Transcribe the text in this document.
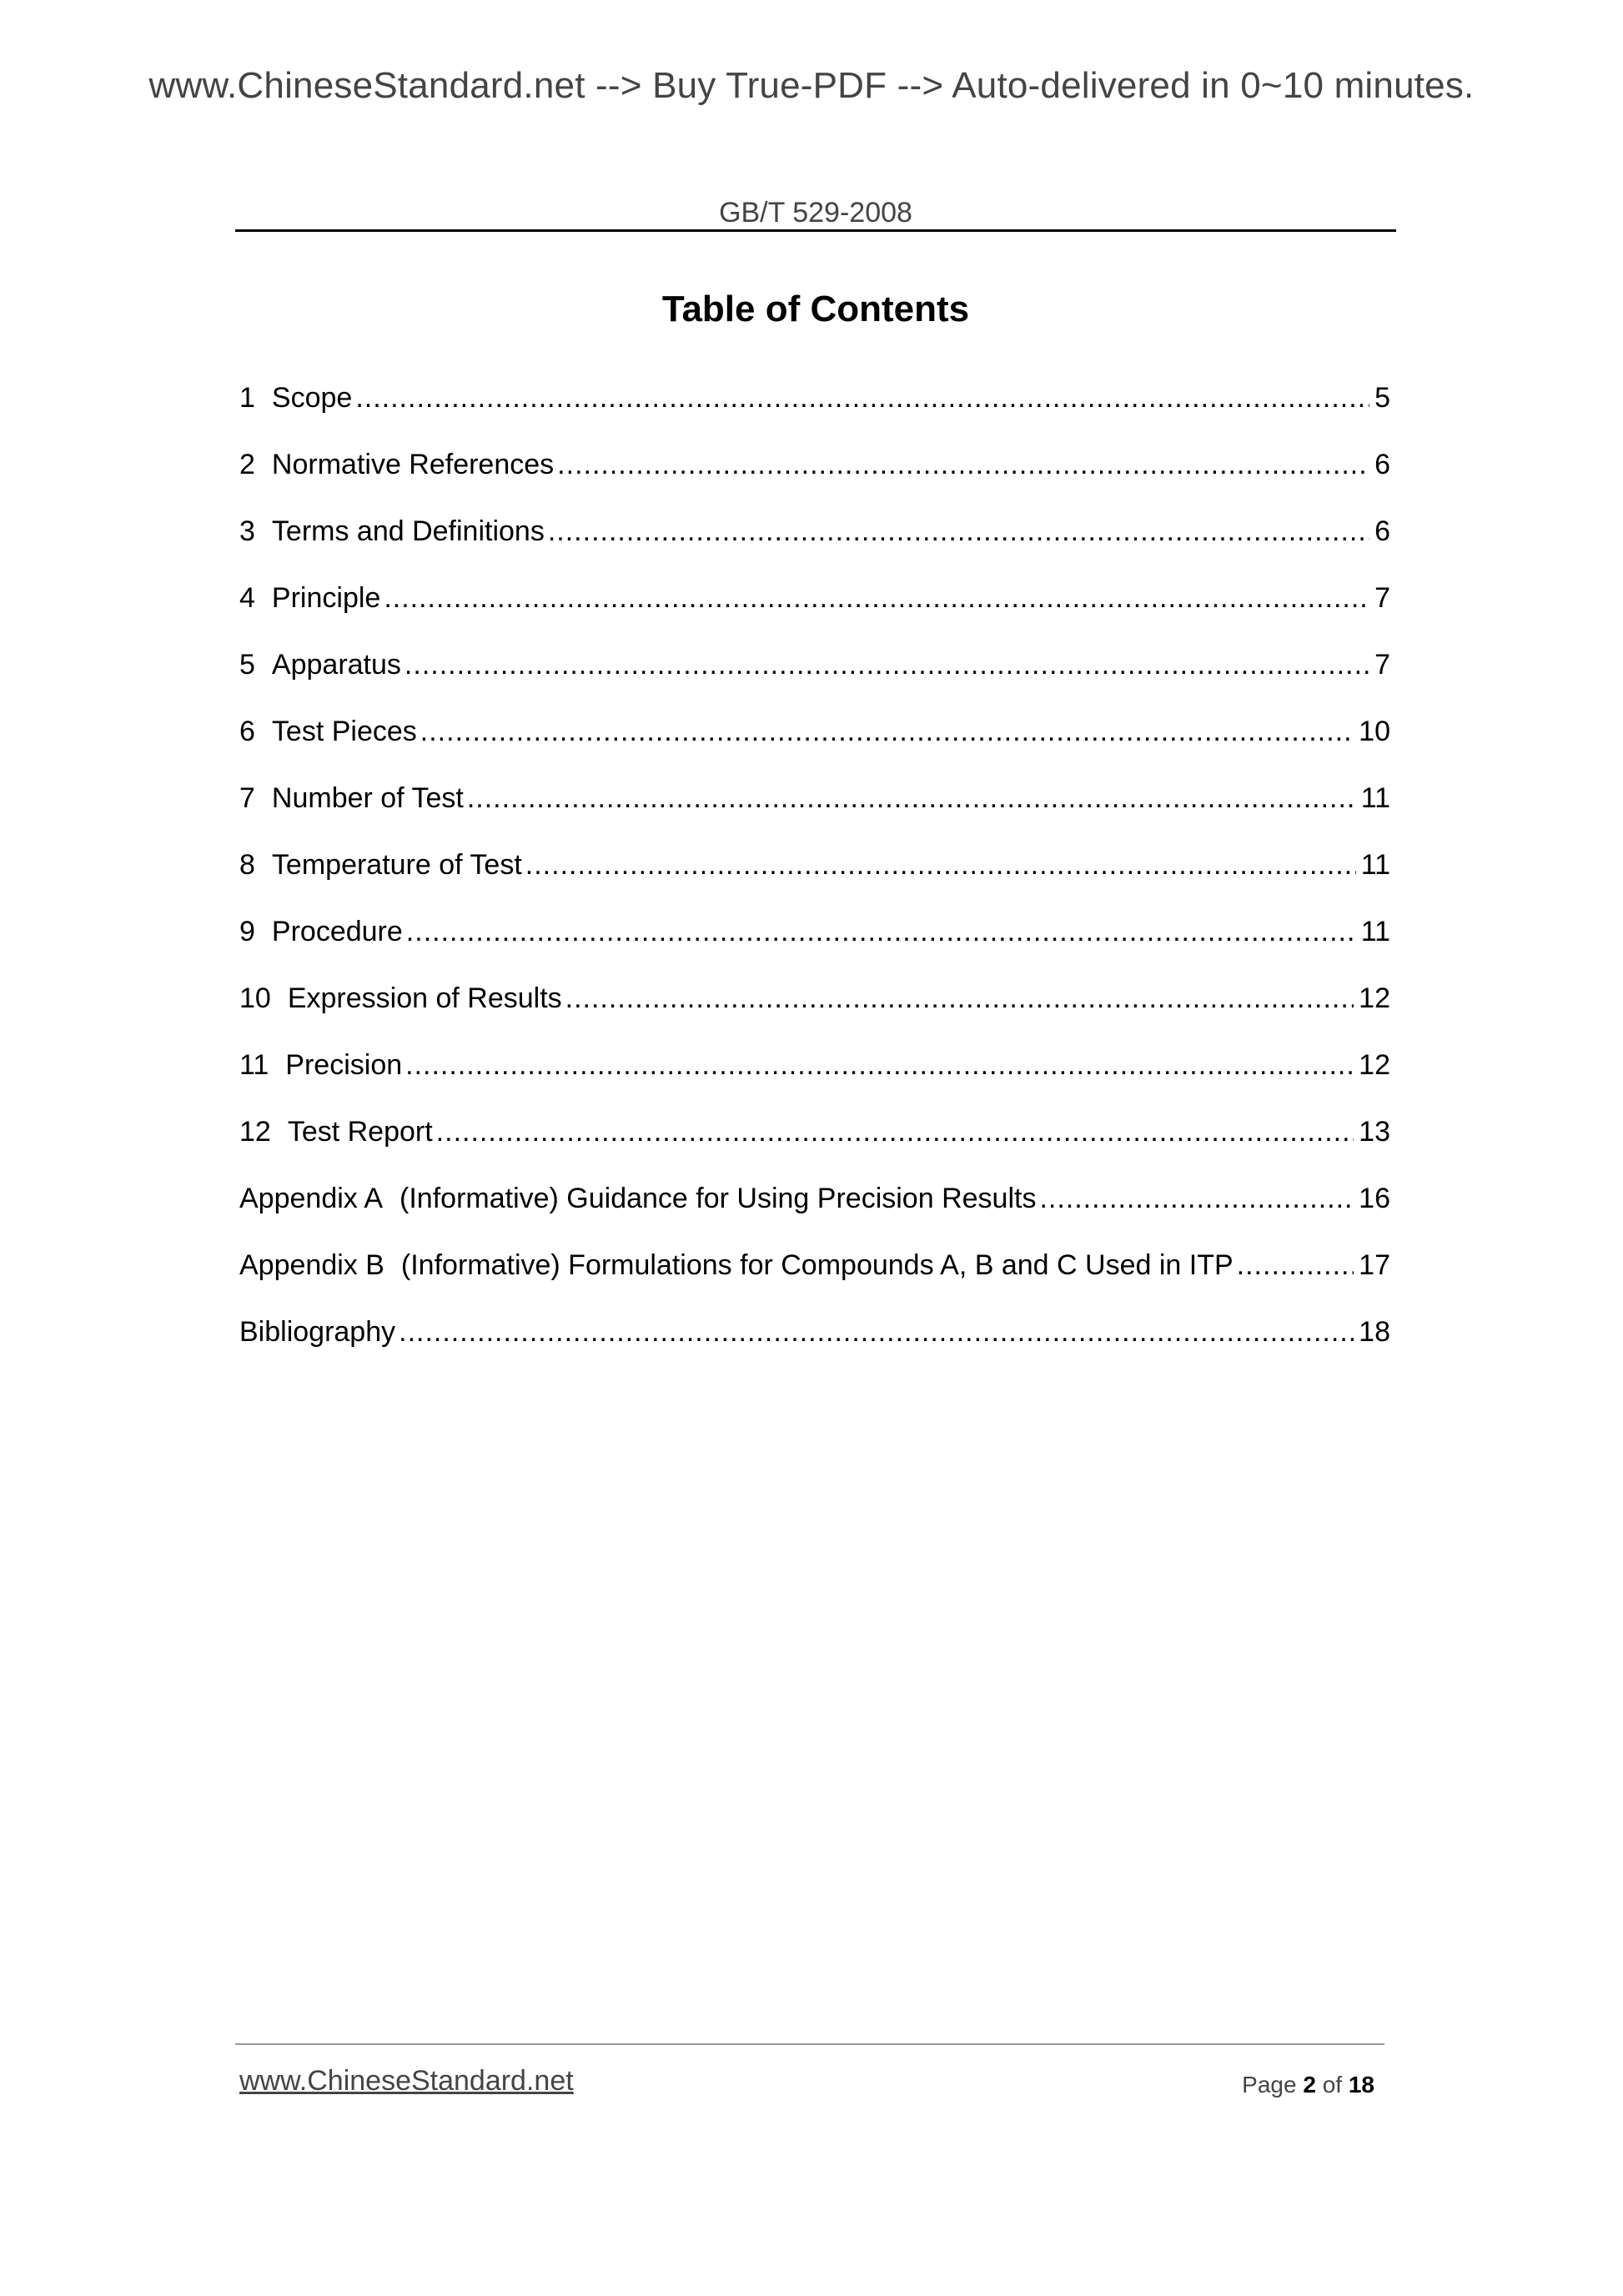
www.ChineseStandard.net --> Buy True-PDF --> Auto-delivered in 0~10 minutes.
GB/T 529-2008
Table of Contents
1 Scope .....	5
2 Normative References .....	6
3 Terms and Definitions .....	6
4 Principle .....	7
5 Apparatus .....	7
6 Test Pieces .....	10
7 Number of Test .....	11
8 Temperature of Test .....	11
9 Procedure .....	11
10 Expression of Results .....	12
11 Precision .....	12
12 Test Report .....	13
Appendix A (Informative) Guidance for Using Precision Results .....	16
Appendix B (Informative) Formulations for Compounds A, B and C Used in ITP .....	17
Bibliography .....	18
www.ChineseStandard.net	Page 2 of 18
